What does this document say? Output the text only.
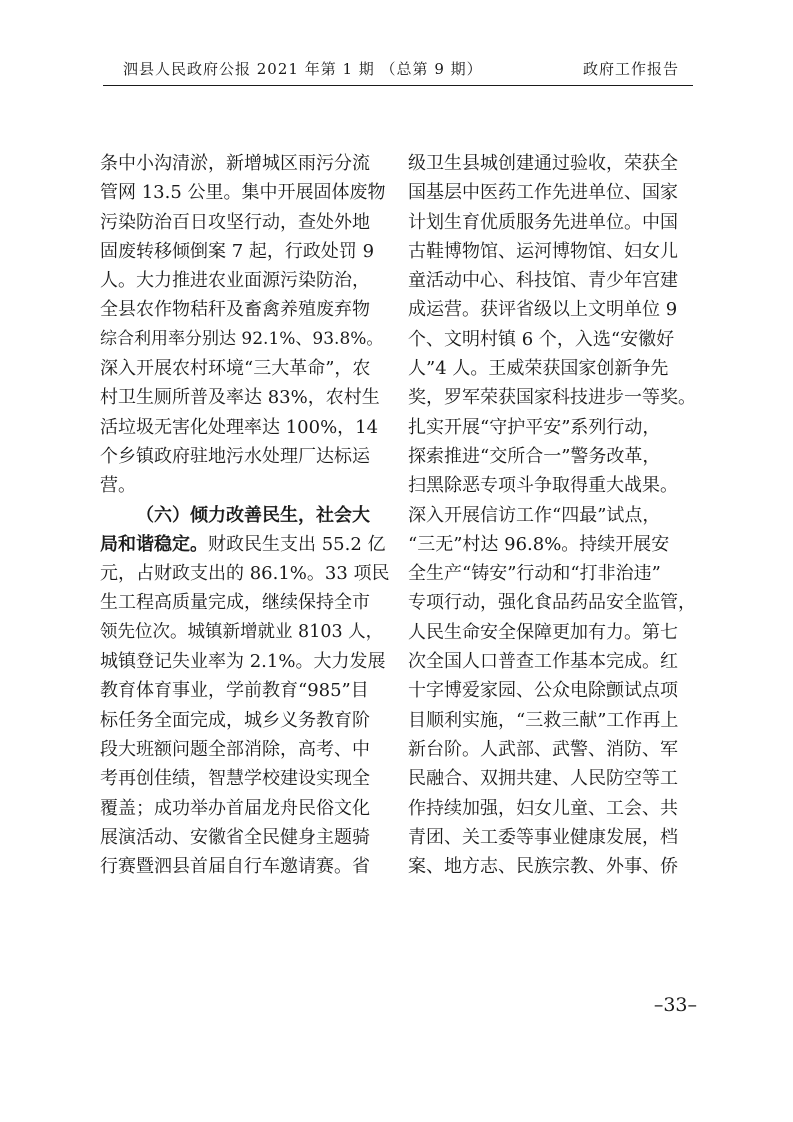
泗县人民政府公报 2021 年第 1 期 （总第 9 期）	政府工作报告
条中小沟清淤，新增城区雨污分流
管网 13.5 公里。集中开展固体废物
污染防治百日攻坚行动，查处外地
固废转移倾倒案 7 起，行政处罚 9
人。大力推进农业面源污染防治，
全县农作物秸秆及畜禽养殖废弃物
综合利用率分别达 92.1%、93.8%。
深入开展农村环境“三大革命”，农
村卫生厕所普及率达 83%，农村生
活垃圾无害化处理率达 100%，14
个乡镇政府驻地污水处理厂达标运
营。
（六）倾力改善民生，社会大
局和谐稳定。财政民生支出 55.2 亿
元，占财政支出的 86.1%。33 项民
生工程高质量完成，继续保持全市
领先位次。城镇新增就业 8103 人，
城镇登记失业率为 2.1%。大力发展
教育体育事业，学前教育“985”目
标任务全面完成，城乡义务教育阶
段大班额问题全部消除，高考、中
考再创佳绩，智慧学校建设实现全
覆盖；成功举办首届龙舟民俗文化
展演活动、安徽省全民健身主题骑
行赛暨泗县首届自行车邀请赛。省
级卫生县城创建通过验收，荣获全
国基层中医药工作先进单位、国家
计划生育优质服务先进单位。中国
古鞋博物馆、运河博物馆、妇女儿
童活动中心、科技馆、青少年宫建
成运营。获评省级以上文明单位 9
个、文明村镇 6 个，入选“安徽好
人”4 人。王威荣获国家创新争先
奖，罗军荣获国家科技进步一等奖。
扎实开展“守护平安”系列行动，
探索推进“交所合一”警务改革，
扫黑除恶专项斗争取得重大战果。
深入开展信访工作“四最”试点，
“三无”村达 96.8%。持续开展安
全生产“铸安”行动和“打非治违”
专项行动，强化食品药品安全监管，
人民生命安全保障更加有力。第七
次全国人口普查工作基本完成。红
十字博爱家园、公众电除颤试点项
目顺利实施，“三救三献”工作再上
新台阶。人武部、武警、消防、军
民融合、双拥共建、人民防空等工
作持续加强，妇女儿童、工会、共
青团、关工委等事业健康发展，档
案、地方志、民族宗教、外事、侨
–33–
